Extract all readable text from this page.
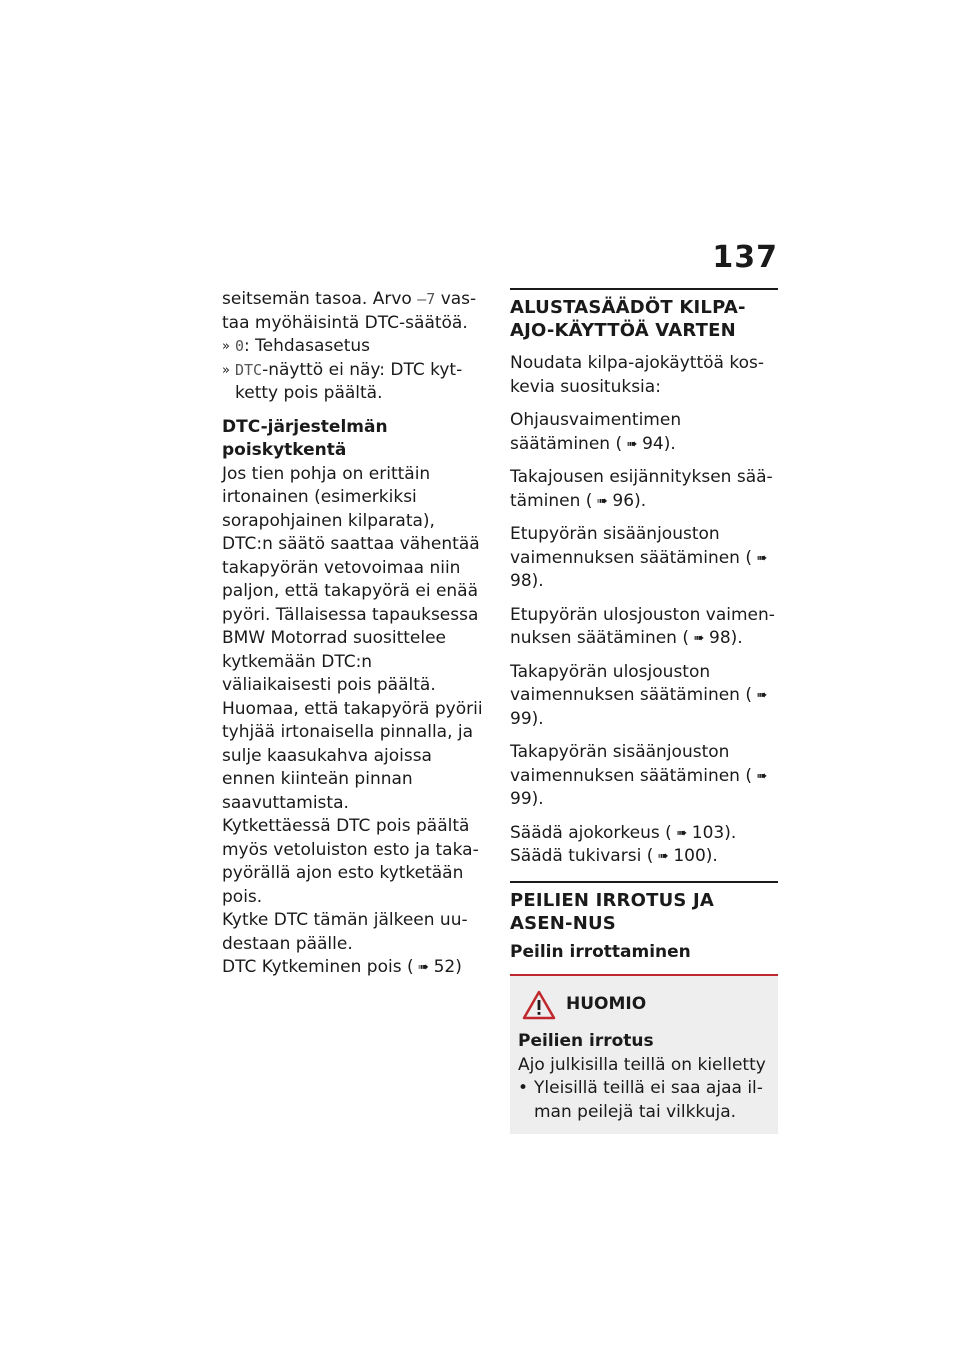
137

seitsemän tasoa. Arvo –7 vas-

taa myöhäisintä DTC-säätöä.

» 0: Tehdasasetus
» DTC-näyttö ei näy: DTC kyt-ketty pois päältä.
DTC-järjestelmän poiskytkentä

Jos tien pohja on erittäin irtonainen (esimerkiksi sorapohjainen kilparata), DTC:n säätö saattaa vähentää takapyörän vetovoimaa niin paljon, että takapyörä ei enää pyöri. Tällaisessa tapauksessa BMW Motorrad suosittelee kytkemään DTC:n väliaikaisesti pois päältä.

Huomaa, että takapyörä pyörii tyhjää irtonaisella pinnalla, ja sulje kaasukahva ajoissa ennen kiinteän pinnan saavuttamista.

Kytkettäessä DTC pois päältä myös vetoluiston esto ja taka-pyörällä ajon esto kytketään pois.

Kytke DTC tämän jälkeen uu-destaan päälle.

DTC Kytkeminen pois ( ➠ 52)

ALUSTASÄÄDÖT KILPA-AJO-KÄYTTÖÄ VARTEN

Noudata kilpa-ajokäyttöä kos-kevia suosituksia:

Ohjausvaimentimen säätäminen ( ➠ 94).

Takajousen esijännityksen sää-täminen ( ➠ 96).

Etupyörän sisäänjouston vaimennuksen säätäminen ( ➠98).

Etupyörän ulosjouston vaimen-nuksen säätäminen ( ➠ 98).

Takapyörän ulosjouston vaimennuksen säätäminen ( ➠99).

Takapyörän sisäänjouston vaimennuksen säätäminen ( ➠99).

Säädä ajokorkeus ( ➠ 103).

Säädä tukivarsi ( ➠ 100).

PEILIEN IRROTUS JA ASEN-NUS
Peilin irrottaminen
HUOMIO
Peilien irrotus

Ajo julkisilla teillä on kielletty

• Yleisillä teillä ei saa ajaa il-man peilejä tai vilkkuja.
